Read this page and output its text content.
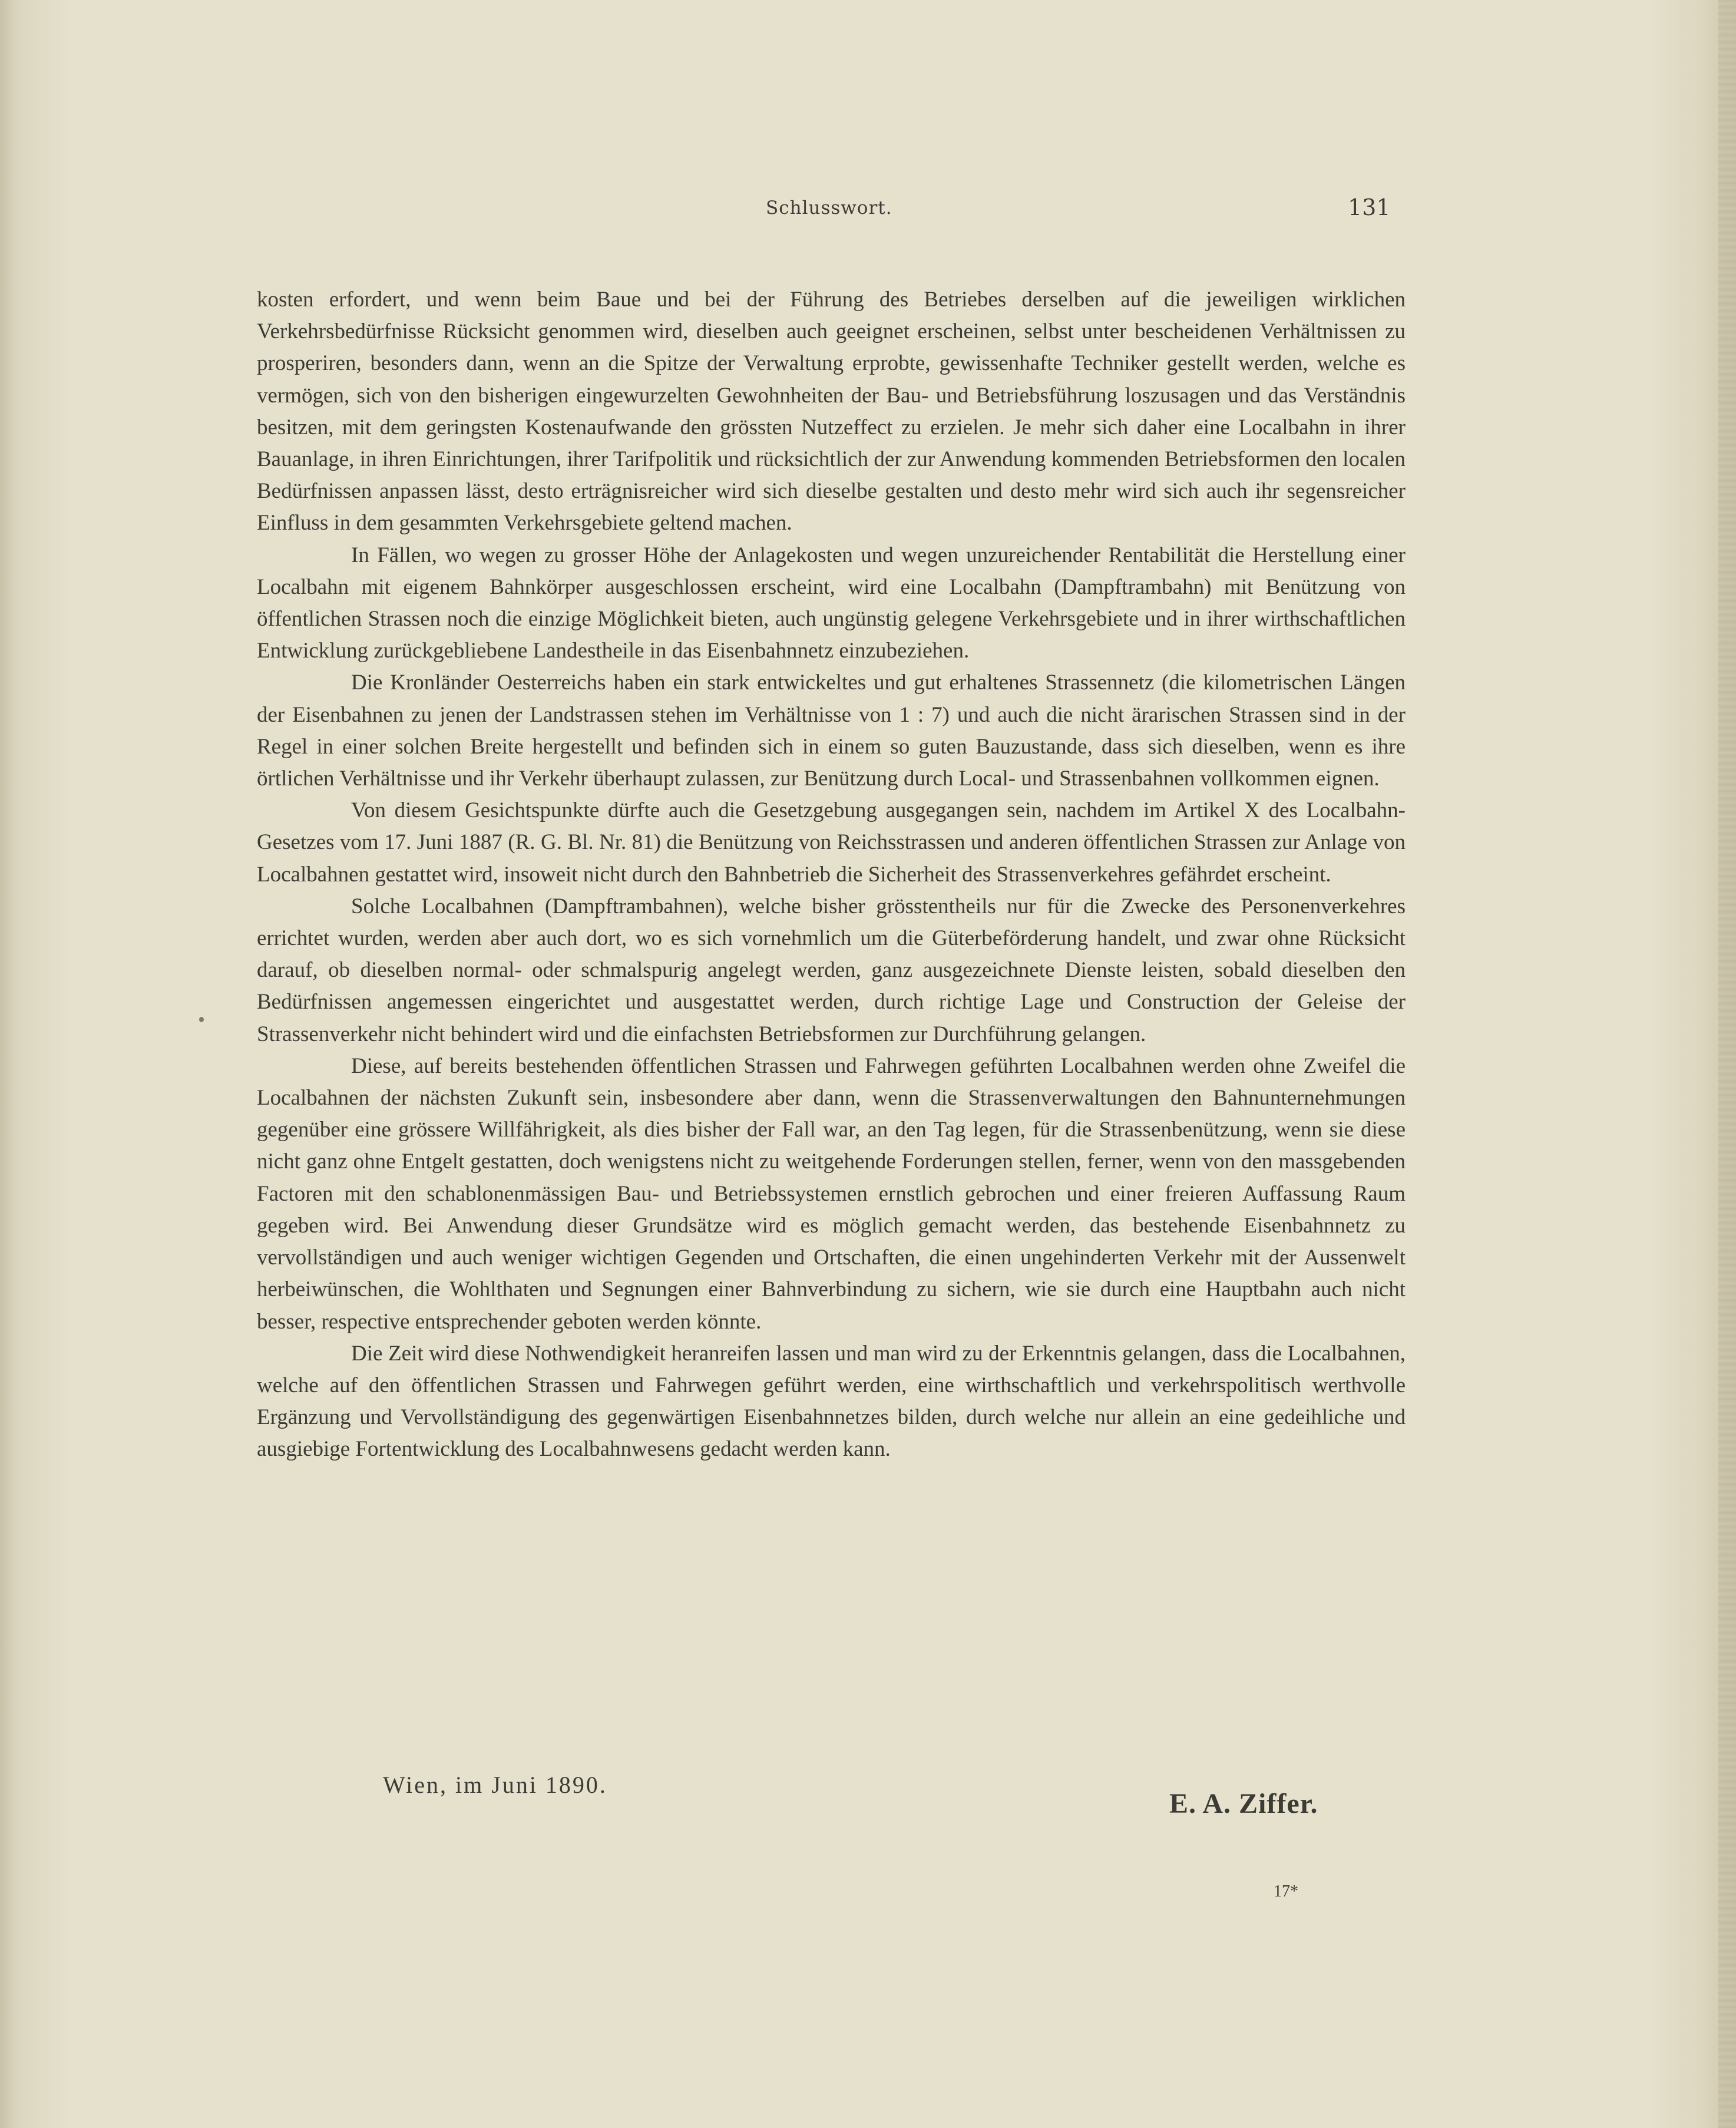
Schlusswort.	131

kosten erfordert, und wenn beim Baue und bei der Führung des Betriebes derselben auf die jeweiligen wirklichen Verkehrsbedürfnisse Rücksicht genommen wird, dieselben auch geeignet erscheinen, selbst unter bescheidenen Verhältnissen zu prosperiren, besonders dann, wenn an die Spitze der Verwaltung erprobte, gewissenhafte Techniker gestellt werden, welche es vermögen, sich von den bisherigen eingewurzelten Gewohnheiten der Bau- und Betriebsführung loszusagen und das Verständnis besitzen, mit dem geringsten Kostenaufwande den grössten Nutzeffect zu erzielen. Je mehr sich daher eine Localbahn in ihrer Bauanlage, in ihren Einrichtungen, ihrer Tarifpolitik und rücksichtlich der zur Anwendung kommenden Betriebsformen den localen Bedürfnissen anpassen lässt, desto erträgnisreicher wird sich dieselbe gestalten und desto mehr wird sich auch ihr segensreicher Einfluss in dem gesammten Verkehrsgebiete geltend machen.

In Fällen, wo wegen zu grosser Höhe der Anlagekosten und wegen unzureichender Rentabilität die Herstellung einer Localbahn mit eigenem Bahnkörper ausgeschlossen erscheint, wird eine Localbahn (Dampftrambahn) mit Benützung von öffentlichen Strassen noch die einzige Möglichkeit bieten, auch ungünstig gelegene Verkehrsgebiete und in ihrer wirthschaftlichen Entwicklung zurückgebliebene Landestheile in das Eisenbahnnetz einzubeziehen.

Die Kronländer Oesterreichs haben ein stark entwickeltes und gut erhaltenes Strassennetz (die kilometrischen Längen der Eisenbahnen zu jenen der Landstrassen stehen im Verhältnisse von 1 : 7) und auch die nicht ärarischen Strassen sind in der Regel in einer solchen Breite hergestellt und befinden sich in einem so guten Bauzustande, dass sich dieselben, wenn es ihre örtlichen Verhältnisse und ihr Verkehr überhaupt zulassen, zur Benützung durch Local- und Strassenbahnen vollkommen eignen.

Von diesem Gesichtspunkte dürfte auch die Gesetzgebung ausgegangen sein, nachdem im Artikel X des Localbahn-Gesetzes vom 17. Juni 1887 (R. G. Bl. Nr. 81) die Benützung von Reichsstrassen und anderen öffentlichen Strassen zur Anlage von Localbahnen gestattet wird, insoweit nicht durch den Bahnbetrieb die Sicherheit des Strassenverkehres gefährdet erscheint.

Solche Localbahnen (Dampftrambahnen), welche bisher grösstentheils nur für die Zwecke des Personenverkehres errichtet wurden, werden aber auch dort, wo es sich vornehmlich um die Güterbeförderung handelt, und zwar ohne Rücksicht darauf, ob dieselben normal- oder schmalspurig angelegt werden, ganz ausgezeichnete Dienste leisten, sobald dieselben den Bedürfnissen angemessen eingerichtet und ausgestattet werden, durch richtige Lage und Construction der Geleise der Strassenverkehr nicht behindert wird und die einfachsten Betriebsformen zur Durchführung gelangen.

Diese, auf bereits bestehenden öffentlichen Strassen und Fahrwegen geführten Localbahnen werden ohne Zweifel die Localbahnen der nächsten Zukunft sein, insbesondere aber dann, wenn die Strassenverwaltungen den Bahnunternehmungen gegenüber eine grössere Willfährigkeit, als dies bisher der Fall war, an den Tag legen, für die Strassenbenützung, wenn sie diese nicht ganz ohne Entgelt gestatten, doch wenigstens nicht zu weitgehende Forderungen stellen, ferner, wenn von den massgebenden Factoren mit den schablonenmässigen Bau- und Betriebssystemen ernstlich gebrochen und einer freieren Auffassung Raum gegeben wird. Bei Anwendung dieser Grundsätze wird es möglich gemacht werden, das bestehende Eisenbahnnetz zu vervollständigen und auch weniger wichtigen Gegenden und Ortschaften, die einen ungehinderten Verkehr mit der Aussenwelt herbeiwünschen, die Wohlthaten und Segnungen einer Bahnverbindung zu sichern, wie sie durch eine Hauptbahn auch nicht besser, respective entsprechender geboten werden könnte.

Die Zeit wird diese Nothwendigkeit heranreifen lassen und man wird zu der Erkenntnis gelangen, dass die Localbahnen, welche auf den öffentlichen Strassen und Fahrwegen geführt werden, eine wirthschaftlich und verkehrspolitisch werthvolle Ergänzung und Vervollständigung des gegenwärtigen Eisenbahnnetzes bilden, durch welche nur allein an eine gedeihliche und ausgiebige Fortentwicklung des Localbahnwesens gedacht werden kann.

Wien, im Juni 1890.
E. A. Ziffer.
17*
